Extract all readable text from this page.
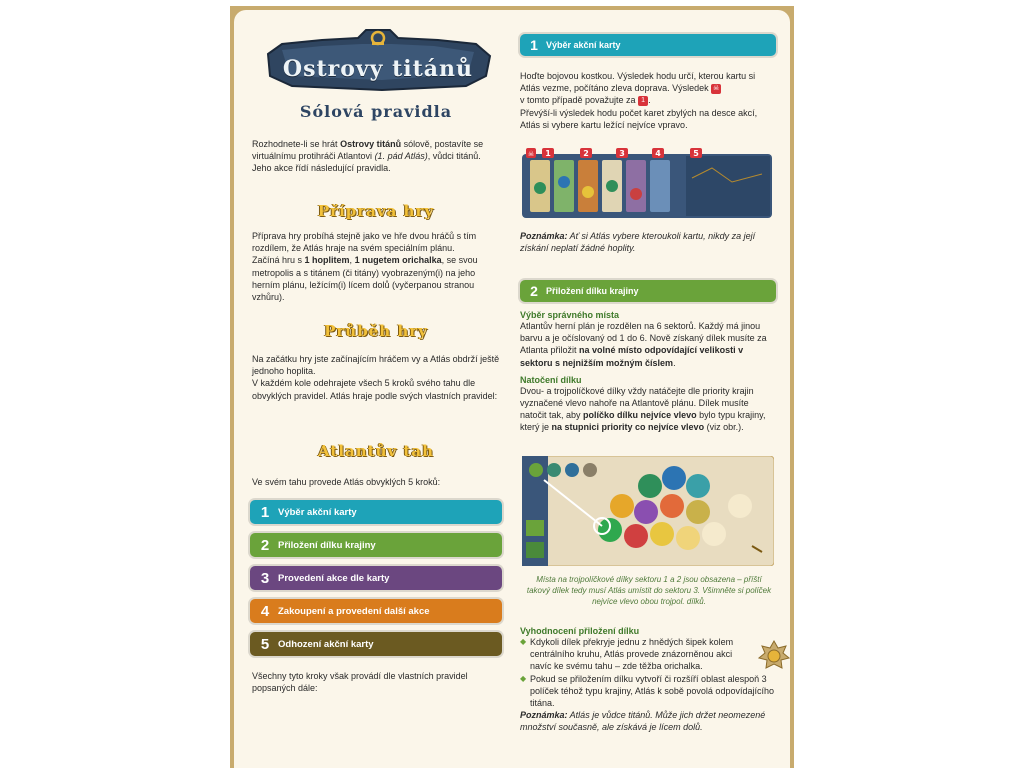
Ostrovy titánů
Sólová pravidla

Rozhodnete-li se hrát Ostrovy titánů sólově, postavíte se virtuálnímu protihráči Atlantovi (1. pád Atlás), vůdci titánů. Jeho akce řídí následující pravidla.

Příprava hry

Příprava hry probíhá stejně jako ve hře dvou hráčů s tím rozdílem, že Atlás hraje na svém speciálním plánu.

Začíná hru s 1 hoplitem, 1 nugetem orichalka, se svou metropolis a s titánem (či titány) vyobrazeným(i) na jeho herním plánu, ležícím(i) lícem dolů (vyčerpanou stranou vzhůru).

Průběh hry

Na začátku hry jste začínajícím hráčem vy a Atlás obdrží ještě jednoho hoplita.

V každém kole odehrajete všech 5 kroků svého tahu dle obvyklých pravidel. Atlás hraje podle svých vlastních pravidel:

Atlantův tah

Ve svém tahu provede Atlás obvyklých 5 kroků:

1 Výběr akční karty
2 Přiložení dílku krajiny
3 Provedení akce dle karty
4 Zakoupení a provedení další akce
5 Odhození akční karty

Všechny tyto kroky však provádí dle vlastních pravidel popsaných dále:

1 Výběr akční karty

Hoďte bojovou kostkou. Výsledek hodu určí, kterou kartu si Atlás vezme, počítáno zleva doprava. Výsledek ☠
v tomto případě považujte za 1 .

Převýší-li výsledek hodu počet karet zbylých na desce akcí, Atlás si vybere kartu ležící nejvíce vpravo.

☠ 1	2	3	4	5

Poznámka: Ať si Atlás vybere kteroukoli kartu, nikdy za její získání neplatí žádné hoplity.

2 Přiložení dílku krajiny
Výběr správného místa

Atlantův herní plán je rozdělen na 6 sektorů. Každý má jinou barvu a je očíslovaný od 1 do 6. Nově získaný dílek musíte za Atlanta přiložit na volné místo odpovídající velikosti v sektoru s nejnižším možným číslem.

Natočení dílku

Dvou- a trojpolíčkové dílky vždy natáčejte dle priority krajin vyznačené vlevo nahoře na Atlantově plánu. Dílek musíte natočit tak, aby políčko dílku nejvíce vlevo bylo typu krajiny, který je na stupnici priority co nejvíce vlevo (viz obr.).

Místa na trojpolíčkové dílky sektoru 1 a 2 jsou obsazena – příští takový dílek tedy musí Atlás umístit do sektoru 3. Všimněte si políček nejvíce vlevo obou trojpol. dílků.

Vyhodnocení přiložení dílku

◆ Kdykoli dílek překryje jednu z hnědých šipek kolem centrálního kruhu, Atlás provede znázorněnou akci navíc ke svému tahu – zde těžba orichalka.

◆ Pokud se přiložením dílku vytvoří či rozšíří oblast alespoň 3 políček téhož typu krajiny, Atlás k sobě povolá odpovídajícího titána.

Poznámka: Atlás je vůdce titánů. Může jich držet neomezené množství současně, ale získává je lícem dolů.
